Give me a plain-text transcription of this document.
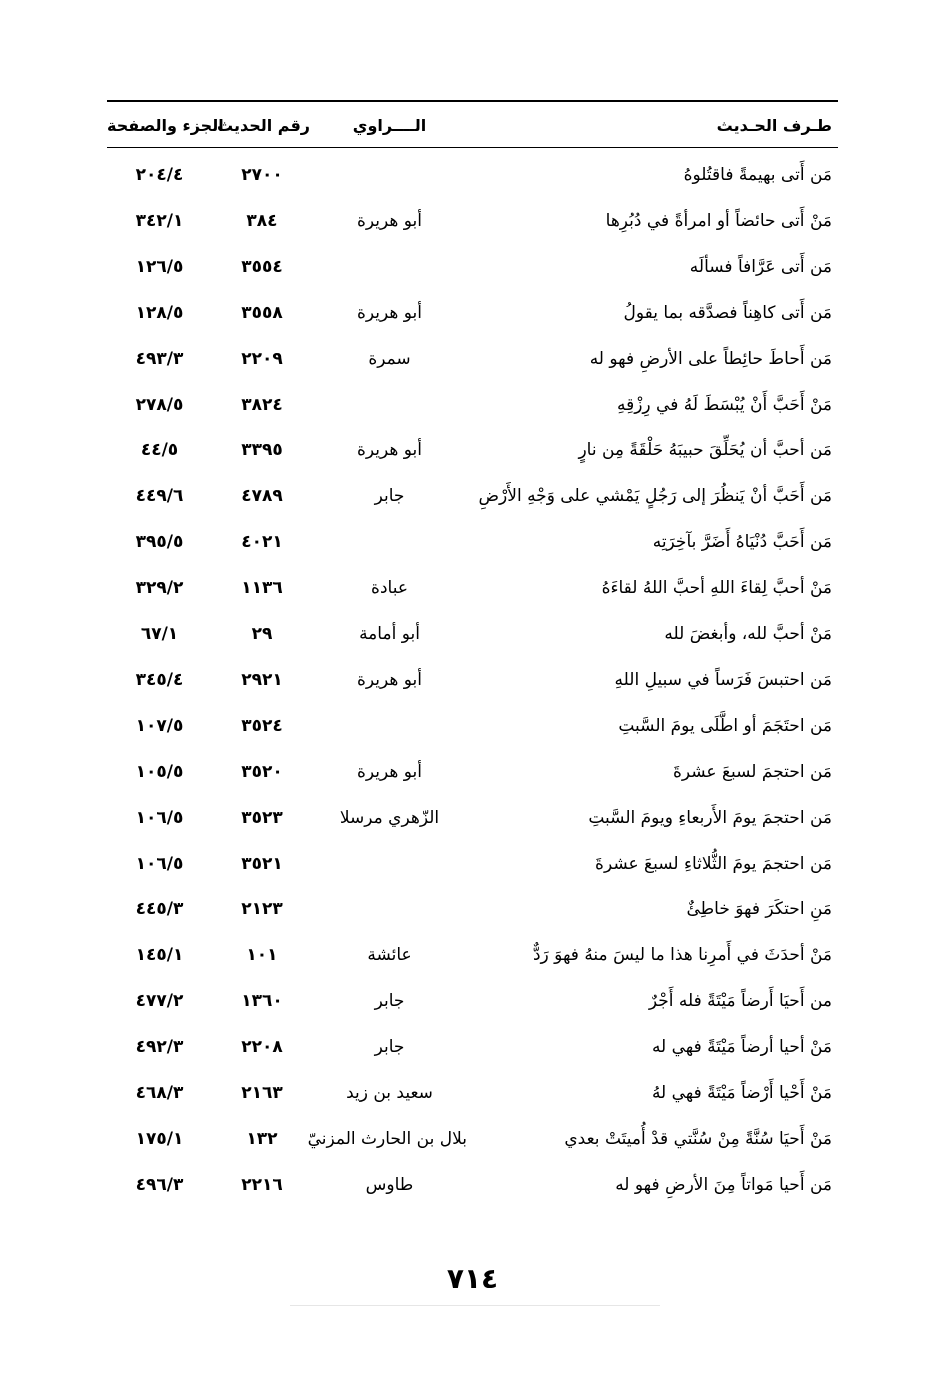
طـرف الحـديث
الــــراوي
رقم الحديث
الجزء والصفحة
مَن أَتى بهيمةً فاقتُلوهُ
٢٧٠٠
٢٠٤/٤
مَنْ أَتى حائضاً أو امرأةً في دُبُرِها
أبو هريرة
٣٨٤
٣٤٢/١
مَن أَتى عَرَّافاً فسألَه
٣٥٥٤
١٢٦/٥
مَن أَتى كاهِناً فصدَّقه بما يقولُ
أبو هريرة
٣٥٥٨
١٢٨/٥
مَن أَحاطَ حائِطاً على الأرضِ فهو له
سمرة
٢٢٠٩
٤٩٣/٣
مَنْ أَحَبَّ أَنْ يُبْسَطَ لَهُ في رِزْقِهِ
٣٨٢٤
٢٧٨/٥
مَن أحبَّ أن يُحَلِّقَ حبيبَهُ حَلْقَةً مِن نارٍ
أبو هريرة
٣٣٩٥
٤٤/٥
مَن أَحَبَّ أنْ يَنظُرَ إلى رَجُلٍ يَمْشي على وَجْهِ الأَرْضِ
جابر
٤٧٨٩
٤٤٩/٦
مَن أَحَبَّ دُنْيَاهُ أَضَرَّ بآخِرَتِه
٤٠٢١
٣٩٥/٥
مَنْ أحبَّ لِقاءَ اللهِ أحبَّ اللهُ لقاءَهُ
عبادة
١١٣٦
٣٢٩/٢
مَنْ أحبَّ لله، وأبغضَ لله
أبو أمامة
٢٩
٦٧/١
مَن احتبسَ فَرَساً في سبيلِ اللهِ
أبو هريرة
٢٩٢١
٣٤٥/٤
مَن احتَجَمَ أو اطَّلَى يومَ السَّبتِ
٣٥٢٤
١٠٧/٥
مَن احتجمَ لسبعَ عشرةَ
أبو هريرة
٣٥٢٠
١٠٥/٥
مَن احتجمَ يومَ الأَربعاءِ ويومَ السَّبتِ
الزّهري مرسلا
٣٥٢٣
١٠٦/٥
مَن احتجمَ يومَ الثُّلاثاءِ لسبعَ عشرةَ
٣٥٢١
١٠٦/٥
مَنِ احتكَرَ فهوَ خاطِئٌ
٢١٢٣
٤٤٥/٣
مَنْ أحدَثَ في أَمرِنا هذا ما ليسَ منهُ فهوَ رَدٌّ
عائشة
١٠١
١٤٥/١
من أَحيَا أَرضاً مَيْتَةً فله أَجْرٌ
جابر
١٣٦٠
٤٧٧/٢
مَنْ أحيا أرضاً مَيْتَةً فهي له
جابر
٢٢٠٨
٤٩٢/٣
مَنْ أَحْيا أَرْضاً مَيْتَةً فهي لهُ
سعيد بن زيد
٢١٦٣
٤٦٨/٣
مَنْ أَحيَا سُنَّةً مِنْ سُنَّتي قدْ أُميتَتْ بعدي
بلال بن الحارث المزنيّ
١٣٢
١٧٥/١
مَن أَحيا مَواتاً مِنَ الأرضِ فهو له
طاوس
٢٢١٦
٤٩٦/٣
٧١٤
